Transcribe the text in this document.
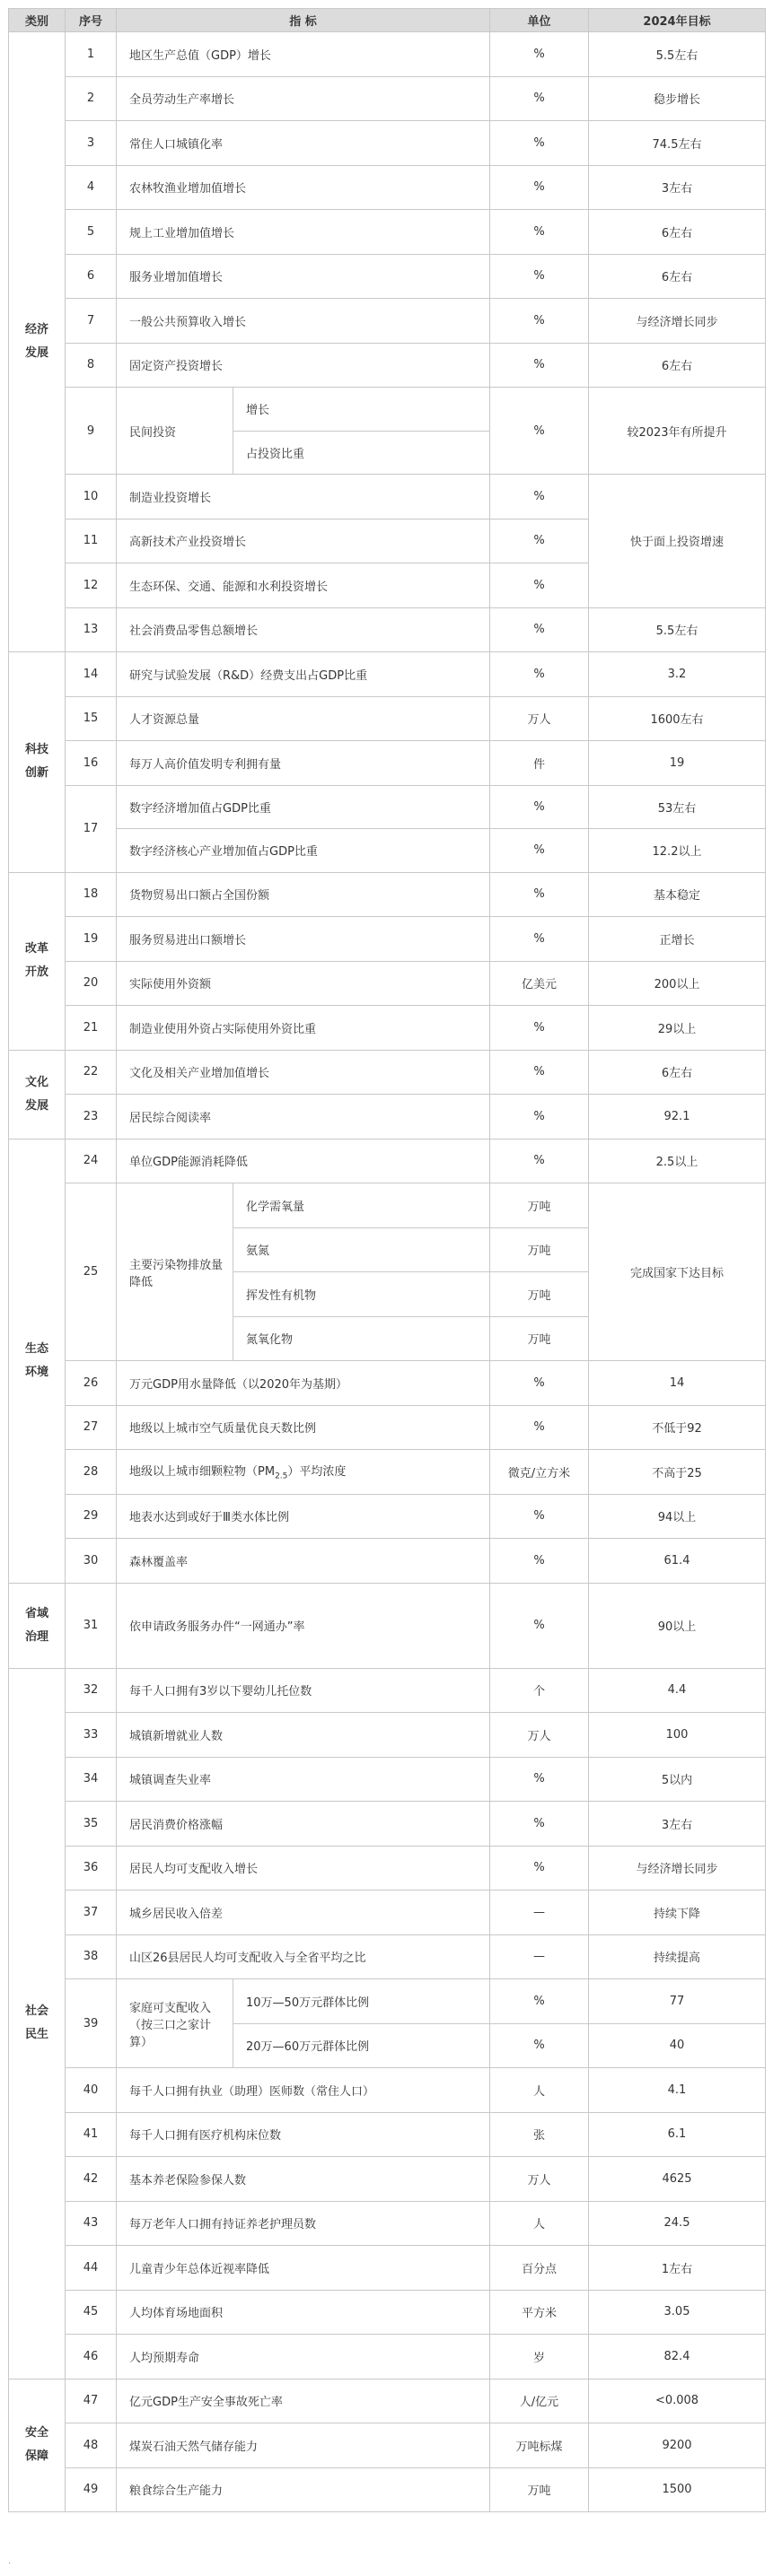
类别	序号	指 标		单位	2024年目标
经济
发展	1	地区生产总值（GDP）增长		%	5.5左右
	2	全员劳动生产率增长		%	稳步增长
	3	常住人口城镇化率		%	74.5左右
	4	农林牧渔业增加值增长		%	3左右
	5	规上工业增加值增长		%	6左右
	6	服务业增加值增长		%	6左右
	7	一般公共预算收入增长		%	与经济增长同步
	8	固定资产投资增长		%	6左右
	9	民间投资	增长	%	较2023年有所提升
			占投资比重		
	10	制造业投资增长		%	快于面上投资增速
	11	高新技术产业投资增长		%	
	12	生态环保、交通、能源和水利投资增长		%	
	13	社会消费品零售总额增长		%	5.5左右

科技
创新	14	研究与试验发展（R&D）经费支出占GDP比重		%	3.2
	15	人才资源总量		万人	1600左右
	16	每万人高价值发明专利拥有量		件	19
	17	数字经济增加值占GDP比重		%	53左右
		数字经济核心产业增加值占GDP比重		%	12.2以上
改革
开放	18	货物贸易出口额占全国份额		%	基本稳定
	19	服务贸易进出口额增长		%	正增长
	20	实际使用外资额		亿美元	200以上
	21	制造业使用外资占实际使用外资比重		%	29以上
文化
发展	22	文化及相关产业增加值增长		%	6左右
	23	居民综合阅读率		%	92.1
生态
环境	24	单位GDP能源消耗降低		%	2.5以上
	25	主要污染物排放量降低	化学需氧量	万吨	完成国家下达目标
			氨氮	万吨	
			挥发性有机物	万吨	
			氮氧化物	万吨	
	26	万元GDP用水量降低（以2020年为基期）		%	14
	27	地级以上城市空气质量优良天数比例		%	不低于92
	28	地级以上城市细颗粒物$(PM_{2.5})$平均浓度		微克/立方米	不高于25
	29	地表水达到或好于Ⅲ类水体比例		%	94以上
	30	森林覆盖率		%	61.4
省域
治理	31	依申请政务服务办件“一网通办”率		%	90以上
社会
民生	32	每千人口拥有3岁以下婴幼儿托位数		个	4.4
	33	城镇新增就业人数		万人	100
	34	城镇调查失业率		%	5以内
	35	居民消费价格涨幅		%	3左右
	36	居民人均可支配收入增长		%	与经济增长同步
	37	城乡居民收入倍差		—	持续下降
	38	山区26县居民人均可支配收入与全省平均之比		—	持续提高
	39	家庭可支配收入（按三口之家计算）	10万—50万元群体比例	%	77
			20万—60万元群体比例	%	40
	40	每千人口拥有执业（助理）医师数（常住人口）		人	4.1
	41	每千人口拥有医疗机构床位数		张	6.1
	42	基本养老保险参保人数		万人	4625
	43	每万老年人口拥有持证养老护理员数		人	24.5
	44	儿童青少年总体近视率降低		百分点	1左右
	45	人均体育场地面积		平方米	3.05
	46	人均预期寿命		岁	82.4
安全
保障	47	亿元GDP生产安全事故死亡率		人/亿元	<0.008
	48	煤炭石油天然气储存能力		万吨标煤	9200
	49	粮食综合生产能力		万吨	1500
·
